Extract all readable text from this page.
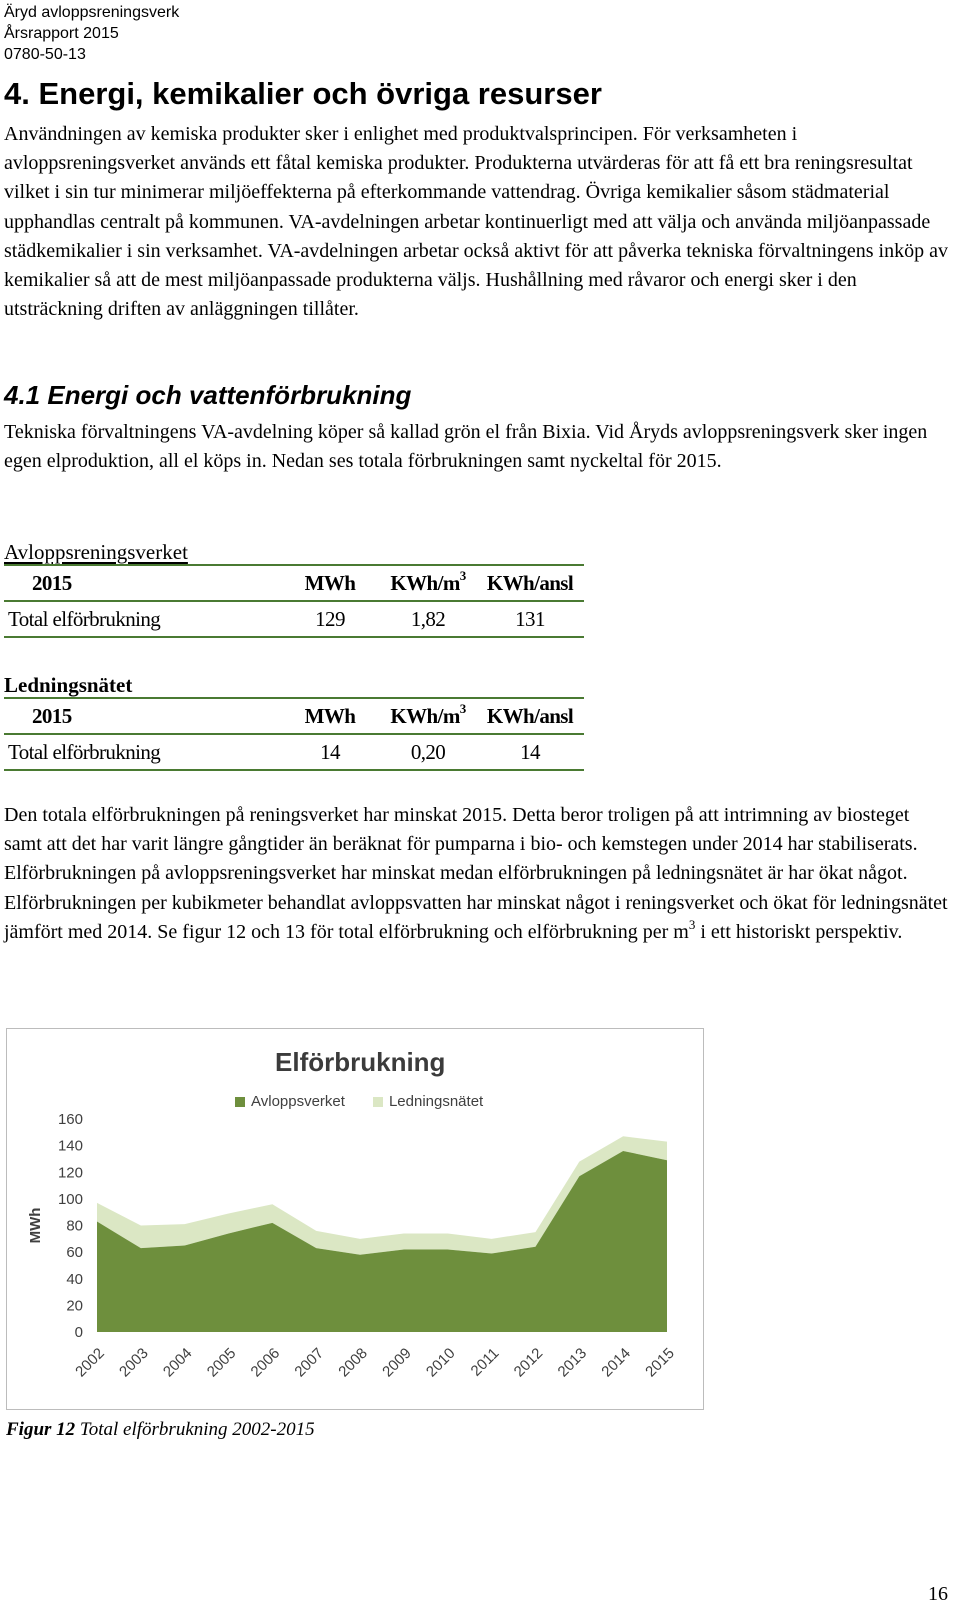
Äryd avloppsreningsverk
Årsrapport 2015
0780-50-13
4. Energi, kemikalier och övriga resurser

Användningen av kemiska produkter sker i enlighet med produktvalsprincipen. För verksamheten i avloppsreningsverket används ett fåtal kemiska produkter. Produkterna utvärderas för att få ett bra reningsresultat vilket i sin tur minimerar miljöeffekterna på efterkommande vattendrag. Övriga kemikalier såsom städmaterial upphandlas centralt på kommunen. VA-avdelningen arbetar kontinuerligt med att välja och använda miljöanpassade städkemikalier i sin verksamhet. VA-avdelningen arbetar också aktivt för att påverka tekniska förvaltningens inköp av kemikalier så att de mest miljöanpassade produkterna väljs. Hushållning med råvaror och energi sker i den utsträckning driften av anläggningen tillåter.

4.1 Energi och vattenförbrukning

Tekniska förvaltningens VA-avdelning köper så kallad grön el från Bixia. Vid Åryds avloppsreningsverk sker ingen egen elproduktion, all el köps in. Nedan ses totala förbrukningen samt nyckeltal för 2015.

Avloppsreningsverket
2015	MWh	KWh/$m^3$	KWh/ansl
Total elförbrukning	129	1,82	131
Ledningsnätet
2015	MWh	KWh/$m^3$	KWh/ansl
Total elförbrukning	14	0,20	14

Den totala elförbrukningen på reningsverket har minskat 2015. Detta beror troligen på att intrimning av biosteget samt att det har varit längre gångtider än beräknat för pumparna i bio- och kemstegen under 2014 har stabiliserats. Elförbrukningen på avloppsreningsverket har minskat medan elförbrukningen på ledningsnätet är har ökat något. Elförbrukningen per kubikmeter behandlat avloppsvatten har minskat något i reningsverket och ökat för ledningsnätet jämfört med 2014. Se figur 12 och 13 för total elförbrukning och elförbrukning per $m^3$ i ett historiskt perspektiv.

Elförbrukning
Avloppsverket	Ledningsnätet
MWh
0
20
40
60
80
100
120
140
160
2002 2003 2004 2005 2006 2007 2008 2009 2010 2011 2012 2013 2014 2015
Figur 12 Total elförbrukning 2002-2015
16
